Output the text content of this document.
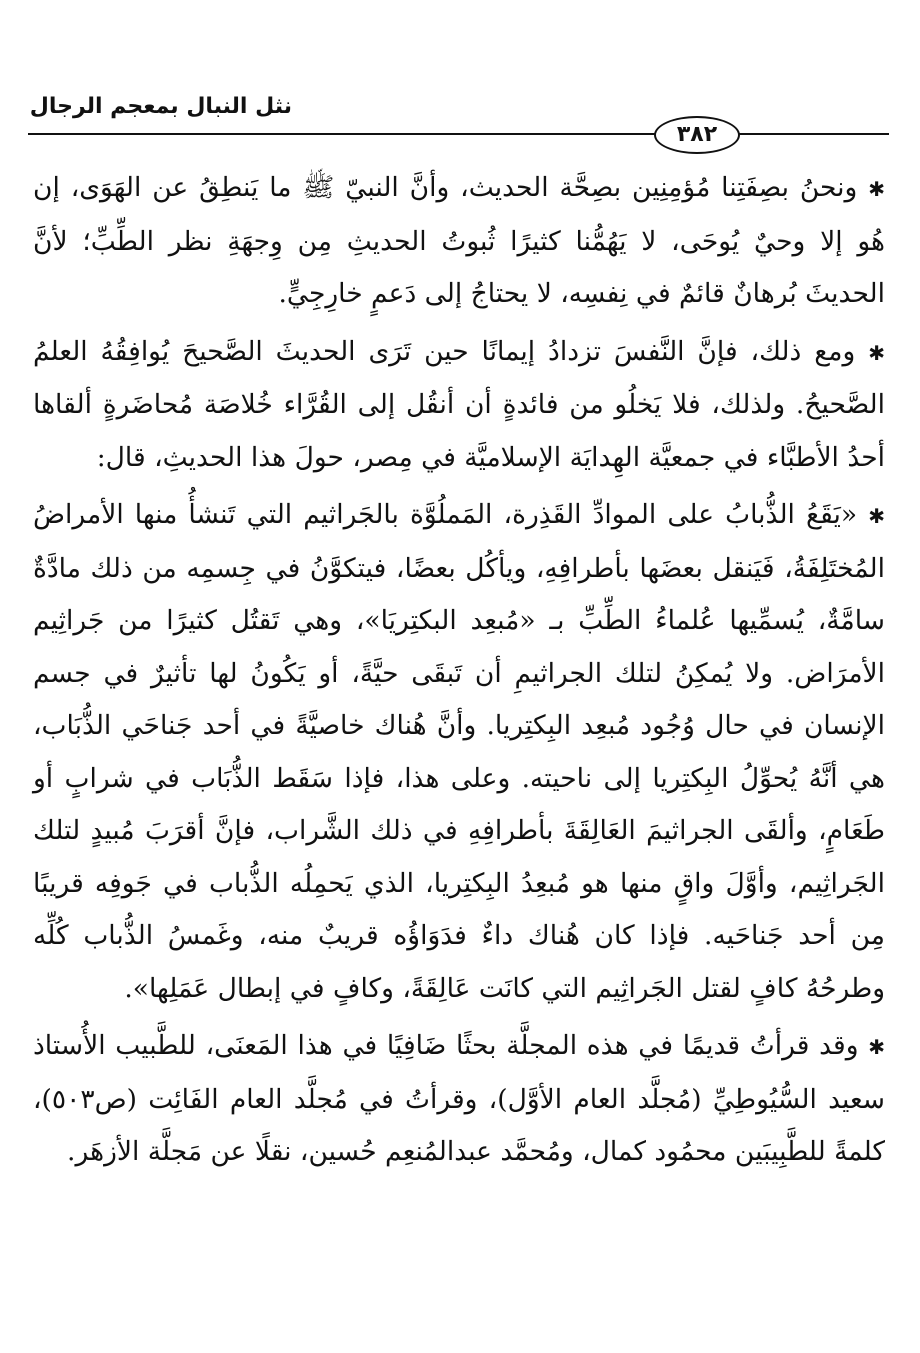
نثل النبال بمعجم الرجال
٣٨٢

✱ ونحنُ بصِفَتِنا مُؤمِنِين بصِحَّة الحديث، وأنَّ النبيّ ﷺ ما يَنطِقُ عن الهَوَى، إن هُو إلا وحيٌ يُوحَى، لا يَهُمُّنا كثيرًا ثُبوتُ الحديثِ مِن وِجهَةِ نظر الطِّبِّ؛ لأنَّ الحديثَ بُرهانٌ قائمٌ في نِفسِه، لا يحتاجُ إلى دَعمٍ خارِجِيٍّ.

✱ ومع ذلك، فإنَّ النَّفسَ تزدادُ إيمانًا حين تَرَى الحديثَ الصَّحيحَ يُوافِقُهُ العلمُ الصَّحيحُ. ولذلك، فلا يَخلُو من فائدةٍ أن أنقُل إلى القُرَّاء خُلاصَة مُحاضَرةٍ ألقاها أحدُ الأطبَّاء في جمعيَّة الهِدايَة الإسلاميَّة في مِصر، حولَ هذا الحديثِ، قال:

✱ «يَقَعُ الذُّبابُ على الموادِّ القَذِرة، المَملُوَّة بالجَراثيم التي تَنشأُ منها الأمراضُ المُختَلِفَةُ، فَيَنقل بعضَها بأطرافِهِ، ويأكُل بعضًا، فيتكوَّنُ في جِسمِه من ذلك مادَّةٌ سامَّةٌ، يُسمِّيها عُلماءُ الطِّبِّ بـ «مُبعِد البكتِريَا»، وهي تَقتُل كثيرًا من جَراثِيم الأمرَاض. ولا يُمكِنُ لتلك الجراثيمِ أن تَبقَى حيَّةً، أو يَكُونُ لها تأثيرٌ في جسم الإنسان في حال وُجُود مُبعِد البِكتِريا. وأنَّ هُناك خاصيَّةً في أحد جَناحَي الذُّبَاب، هي أنَّهُ يُحوِّلُ البِكتِريا إلى ناحيته. وعلى هذا، فإذا سَقَط الذُّبَاب في شرابٍ أو طَعَامٍ، وألقَى الجراثيمَ العَالِقَةَ بأطرافِهِ في ذلك الشَّراب، فإنَّ أقرَبَ مُبيدٍ لتلك الجَراثِيم، وأوَّلَ واقٍ منها هو مُبعِدُ البِكتِريا، الذي يَحمِلُه الذُّباب في جَوفِه قريبًا مِن أحد جَناحَيه. فإذا كان هُناك داءٌ فدَوَاؤُه قريبٌ منه، وغَمسُ الذُّباب كُلِّه وطرحُهُ كافٍ لقتل الجَراثِيم التي كانَت عَالِقَةً، وكافٍ في إبطال عَمَلِها».

✱ وقد قرأتُ قديمًا في هذه المجلَّة بحثًا ضَافِيًا في هذا المَعنَى، للطَّبيب الأُستاذ سعيد السُّيُوطِيِّ (مُجلَّد العام الأوَّل)، وقرأتُ في مُجلَّد العام الفَائِت (ص٥٠٣)، كلمةً للطَّبِيبَين محمُود كمال، ومُحمَّد عبدالمُنعِم حُسين، نقلًا عن مَجلَّة الأزهَر.
